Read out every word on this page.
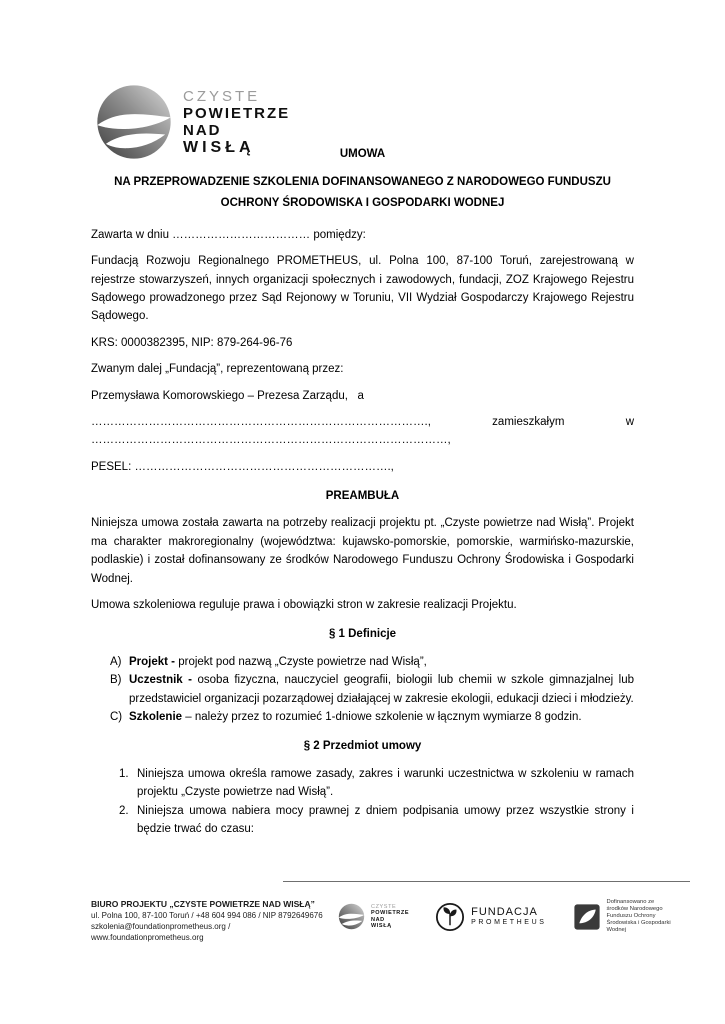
CZYSTE
POWIETRZE
NAD
WISŁĄ	UMOWA
NA PRZEPROWADZENIE SZKOLENIA DOFINANSOWANEGO Z NARODOWEGO FUNDUSZU OCHRONY ŚRODOWISKA I GOSPODARKI WODNEJ

Zawarta w dniu ……………………………… pomiędzy:

Fundacją Rozwoju Regionalnego PROMETHEUS, ul. Polna 100, 87-100 Toruń, zarejestrowaną w rejestrze stowarzyszeń, innych organizacji społecznych i zawodowych, fundacji, ZOZ Krajowego Rejestru Sądowego prowadzonego przez Sąd Rejonowy w Toruniu, VII Wydział Gospodarczy Krajowego Rejestru Sądowego.

KRS: 0000382395, NIP: 879-264-96-76

Zwanym dalej „Fundacją”, reprezentowaną przez:

Przemysława Komorowskiego – Prezesa Zarządu,   a

……………………………………………………………………………., zamieszkałym w …………………………………………………………………………………,

PESEL: ………………………………………………………….,

PREAMBUŁA

Niniejsza umowa została zawarta na potrzeby realizacji projektu pt. „Czyste powietrze nad Wisłą”. Projekt ma charakter makroregionalny (województwa: kujawsko-pomorskie, pomorskie, warmińsko-mazurskie, podlaskie) i został dofinansowany ze środków Narodowego Funduszu Ochrony Środowiska i Gospodarki Wodnej.

Umowa szkoleniowa reguluje prawa i obowiązki stron w zakresie realizacji Projektu.

§ 1 Definicje
A) Projekt - projekt pod nazwą „Czyste powietrze nad Wisłą”,
B) Uczestnik - osoba fizyczna, nauczyciel geografii, biologii lub chemii w szkole gimnazjalnej lub przedstawiciel organizacji pozarządowej działającej w zakresie ekologii, edukacji dzieci i młodzieży.
C) Szkolenie – należy przez to rozumieć 1-dniowe szkolenie w łącznym wymiarze 8 godzin.
§ 2 Przedmiot umowy
1. Niniejsza umowa określa ramowe zasady, zakres i warunki uczestnictwa w szkoleniu w ramach projektu „Czyste powietrze nad Wisłą”.
2. Niniejsza umowa nabiera mocy prawnej z dniem podpisania umowy przez wszystkie strony i będzie trwać do czasu:
BIURO PROJEKTU „CZYSTE POWIETRZE NAD WISŁĄ”
ul. Polna 100, 87-100 Toruń / +48 604 994 086 / NIP 8792649676
szkolenia@foundationprometheus.org / www.foundationprometheus.org
CZYSTE
POWIETRZE
NAD
WISŁĄ
FUNDACJA
PROMETHEUS
Dofinansowano ze środków Narodowego Funduszu Ochrony Środowiska i Gospodarki Wodnej
